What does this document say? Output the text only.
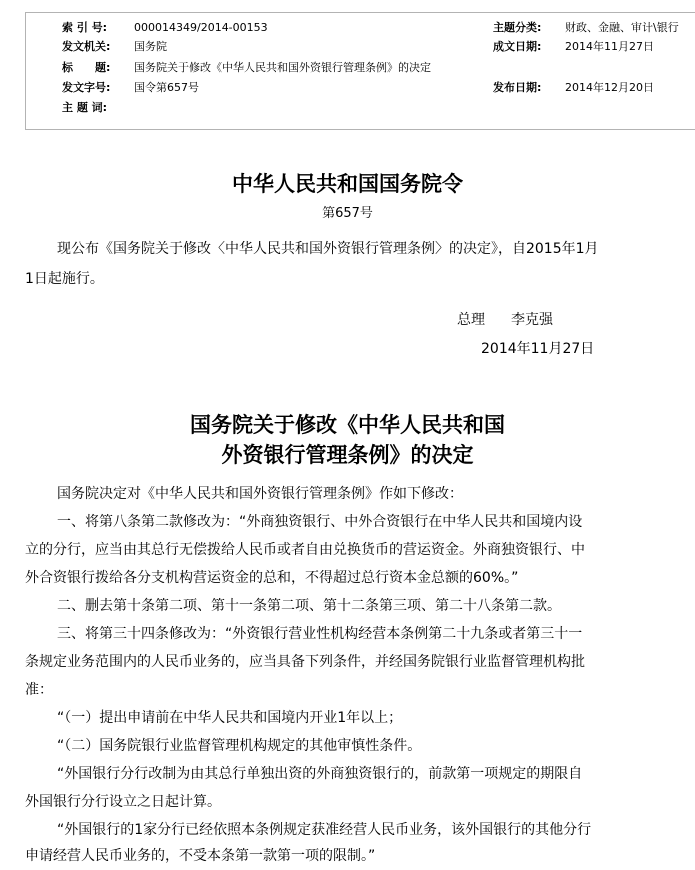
索 引 号: 000014349/2014-00153
发文机关: 国务院
标　　题: 国务院关于修改《中华人民共和国外资银行管理条例》的决定
发文字号: 国令第657号
主 题 词:
主题分类: 财政、金融、审计\银行
成文日期: 2014年11月27日
发布日期: 2014年12月20日
中华人民共和国国务院令
第657号
现公布《国务院关于修改〈中华人民共和国外资银行管理条例〉的决定》，自2015年1月
1日起施行。
总理 李克强
2014年11月27日
国务院关于修改《中华人民共和国
外资银行管理条例》的决定
国务院决定对《中华人民共和国外资银行管理条例》作如下修改：
一、将第八条第二款修改为：“外商独资银行、中外合资银行在中华人民共和国境内设
立的分行，应当由其总行无偿拨给人民币或者自由兑换货币的营运资金。外商独资银行、中
外合资银行拨给各分支机构营运资金的总和，不得超过总行资本金总额的60%。”
二、删去第十条第二项、第十一条第二项、第十二条第三项、第二十八条第二款。
三、将第三十四条修改为：“外资银行营业性机构经营本条例第二十九条或者第三十一
条规定业务范围内的人民币业务的，应当具备下列条件，并经国务院银行业监督管理机构批
准：
“（一）提出申请前在中华人民共和国境内开业1年以上；
“（二）国务院银行业监督管理机构规定的其他审慎性条件。
“外国银行分行改制为由其总行单独出资的外商独资银行的，前款第一项规定的期限自
外国银行分行设立之日起计算。
“外国银行的1家分行已经依照本条例规定获准经营人民币业务，该外国银行的其他分行
申请经营人民币业务的，不受本条第一款第一项的限制。”
